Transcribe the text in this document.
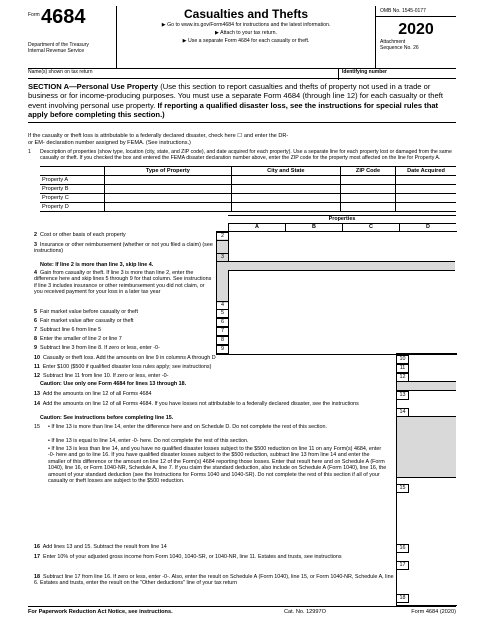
Form 4684
Department of the Treasury
Internal Revenue Service
Casualties and Thefts
▶ Go to www.irs.gov/Form4684 for instructions and the latest information.
▶ Attach to your tax return.
▶ Use a separate Form 4684 for each casualty or theft.
OMB No. 1545-0177
2020
Attachment
Sequence No. 26
Name(s) shown on tax return	Identifying number
SECTION A—Personal Use Property (Use this section to report casualties and thefts of property not used in a trade or business or for income-producing purposes. You must use a separate Form 4684 (through line 12) for each casualty or theft event involving personal use property. If reporting a qualified disaster loss, see the instructions for special rules that apply before completing this section.)
If the casualty or theft loss is attributable to a federally declared disaster, check here ☐ and enter the DR-
or EM- declaration number assigned by FEMA. (See instructions.)
1 Description of properties (show type, location (city, state, and ZIP code), and date acquired for each property). Use a separate line for each property lost or damaged from the same casualty or theft. If you checked the box and entered the FEMA disaster declaration number above, enter the ZIP code for the property most affected on the line for Property A.
	Type of Property	City and State	ZIP Code	Date Acquired
Property A				
Property B				
Property C				
Property D				
Properties
A	B	C	D
2 Cost or other basis of each property
3 Insurance or other reimbursement (whether or not you filed a claim) (see instructions)
Note: If line 2 is more than line 3, skip line 4.
4 Gain from casualty or theft. If line 3 is more than line 2, enter the difference here and skip lines 5 through 9 for that column. See instructions if line 3 includes insurance or other reimbursement you did not claim, or you received payment for your loss in a later tax year
5 Fair market value before casualty or theft
6 Fair market value after casualty or theft
7 Subtract line 6 from line 5
8 Enter the smaller of line 2 or line 7
9 Subtract line 3 from line 8. If zero or less, enter -0-
2
3
4
5
6
7
8
9
10 Casualty or theft loss. Add the amounts on line 9 in columns A through D
11 Enter $100 ($500 if qualified disaster loss rules apply; see instructions)
12 Subtract line 11 from line 10. If zero or less, enter -0-
Caution: Use only one Form 4684 for lines 13 through 18.
13 Add the amounts on line 12 of all Forms 4684
14 Add the amounts on line 12 of all Forms 4684. If you have losses not attributable to a federally declared disaster, see the instructions
Caution: See instructions before completing line 15.
15	• If line 13 is more than line 14, enter the difference here and on Schedule D. Do not complete the rest of this section.
• If line 13 is equal to line 14, enter -0- here. Do not complete the rest of this section.
• If line 13 is less than line 14, and you have no qualified disaster losses subject to the $500 reduction on line 11 on any Form(s) 4684, enter -0- here and go to line 16. If you have qualified disaster losses subject to the $500 reduction, subtract line 13 from line 14 and enter the smaller of this difference or the amount on line 12 of the Form(s) 4684 reporting those losses. Enter that result here and on Schedule A (Form 1040), line 16, or Form 1040-NR, Schedule A, line 7. If you claim the standard deduction, also include on Schedule A (Form 1040), line 16, the amount of your standard deduction (see the Instructions for Forms 1040 and 1040-SR). Do not complete the rest of this section if all of your casualty or theft losses are subject to the $500 reduction.
16 Add lines 13 and 15. Subtract the result from line 14
17 Enter 10% of your adjusted gross income from Form 1040, 1040-SR, or 1040-NR, line 11. Estates and trusts, see instructions
18 Subtract line 17 from line 16. If zero or less, enter -0-. Also, enter the result on Schedule A (Form 1040), line 15, or Form 1040-NR, Schedule A, line 6. Estates and trusts, enter the result on the "Other deductions" line of your tax return
10
11
12
13
14
15
16
17
18
For Paperwork Reduction Act Notice, see instructions.	Cat. No. 12997O	Form 4684 (2020)
